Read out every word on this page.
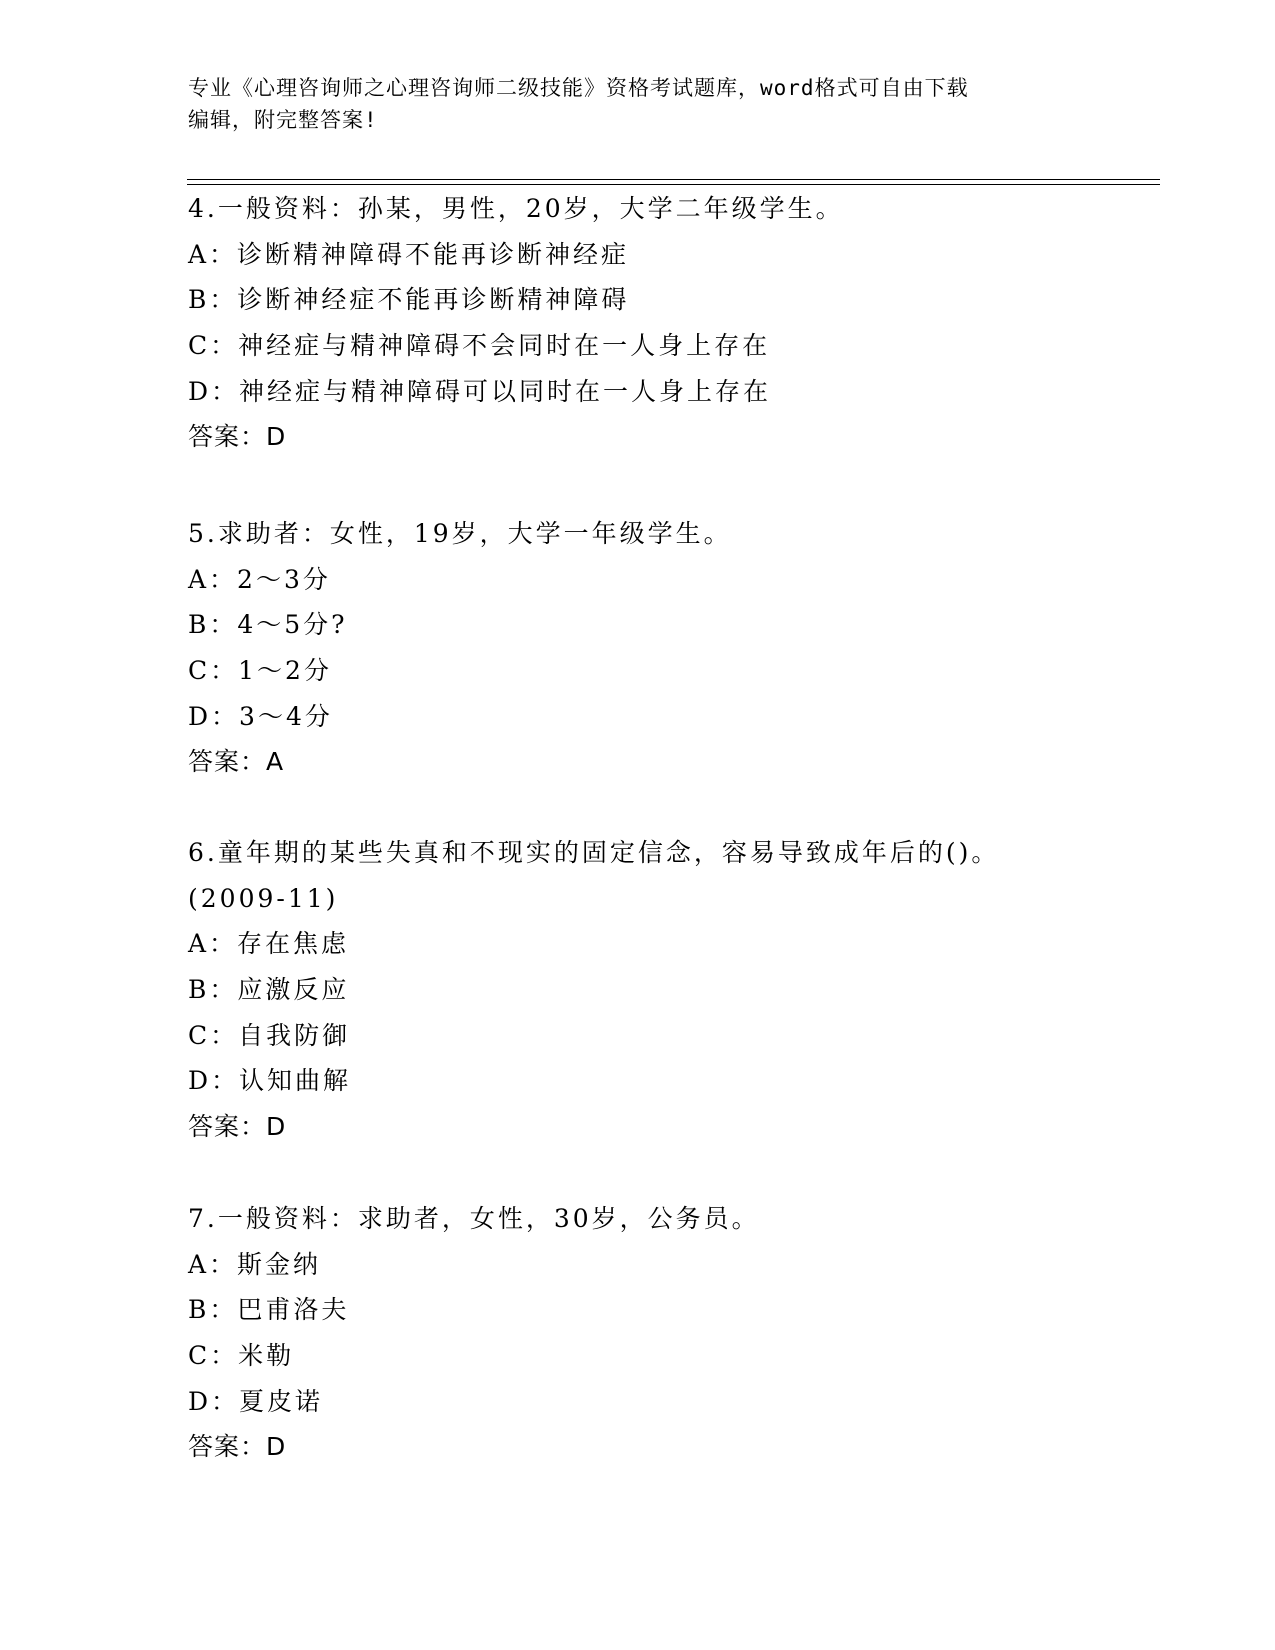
专业《心理咨询师之心理咨询师二级技能》资格考试题库，word格式可自由下载
编辑，附完整答案!
4.一般资料：孙某，男性，20岁，大学二年级学生。
A：诊断精神障碍不能再诊断神经症
B：诊断神经症不能再诊断精神障碍
C：神经症与精神障碍不会同时在一人身上存在
D：神经症与精神障碍可以同时在一人身上存在
答案：D
5.求助者：女性，19岁，大学一年级学生。
A：2～3分
B：4～5分?
C：1～2分
D：3～4分
答案：A
6.童年期的某些失真和不现实的固定信念，容易导致成年后的()。
(2009-11)
A：存在焦虑
B：应激反应
C：自我防御
D：认知曲解
答案：D
7.一般资料：求助者，女性，30岁，公务员。
A：斯金纳
B：巴甫洛夫
C：米勒
D：夏皮诺
答案：D
